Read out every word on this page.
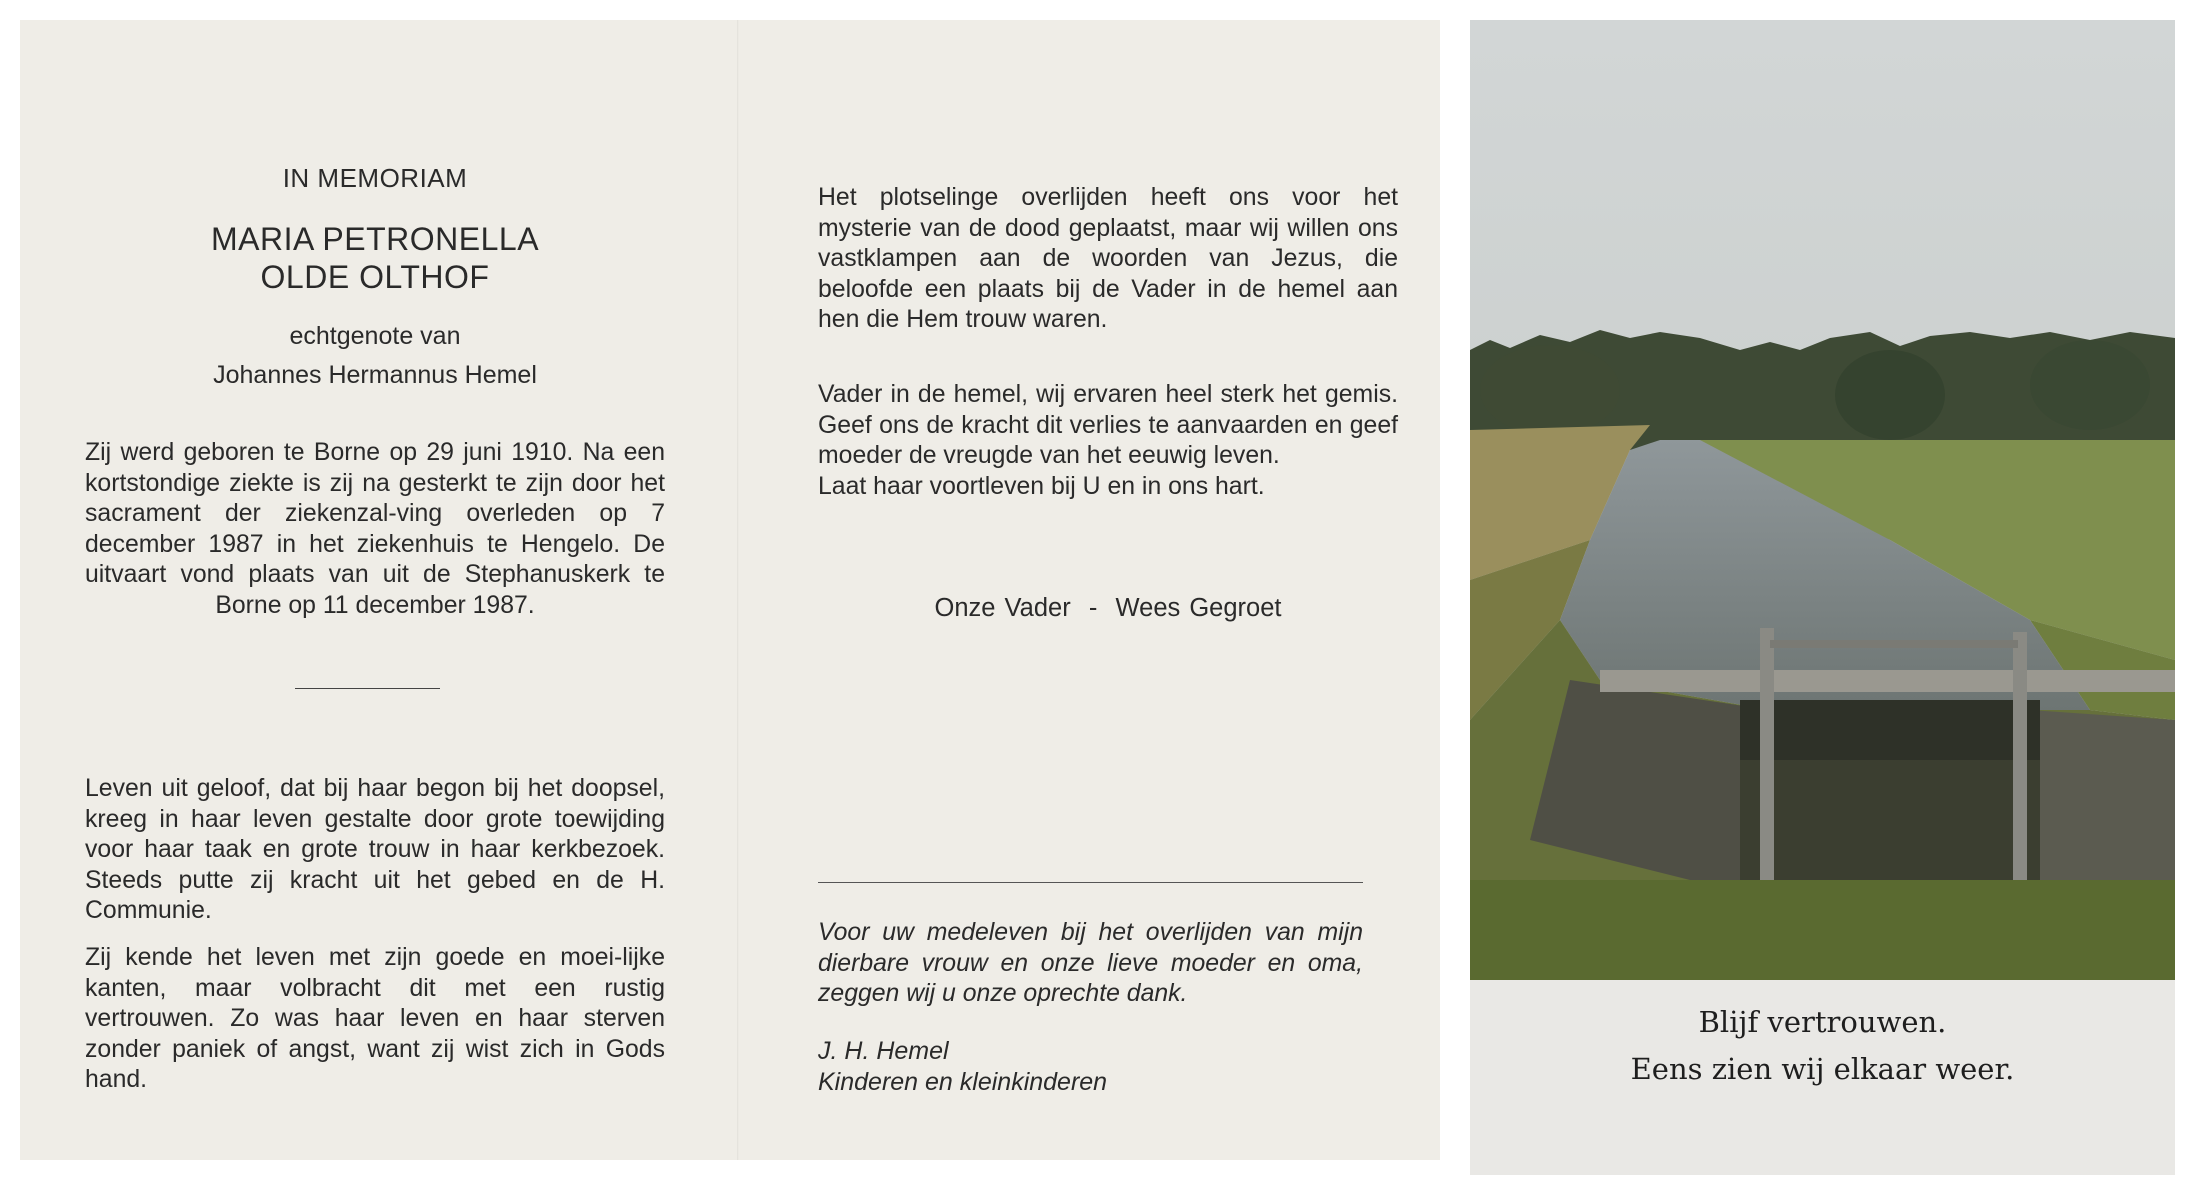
IN MEMORIAM
MARIA PETRONELLA
OLDE OLTHOF
echtgenote van
Johannes Hermannus Hemel

Zij werd geboren te Borne op 29 juni 1910. Na een kortstondige ziekte is zij na gesterkt te zijn door het sacrament der ziekenzal-ving overleden op 7 december 1987 in het ziekenhuis te Hengelo. De uitvaart vond plaats van uit de Stephanuskerk te Borne op 11 december 1987.

Leven uit geloof, dat bij haar begon bij het doopsel, kreeg in haar leven gestalte door grote toewijding voor haar taak en grote trouw in haar kerkbezoek. Steeds putte zij kracht uit het gebed en de H. Communie.

Zij kende het leven met zijn goede en moei-lijke kanten, maar volbracht dit met een rustig vertrouwen. Zo was haar leven en haar sterven zonder paniek of angst, want zij wist zich in Gods hand.

Het plotselinge overlijden heeft ons voor het mysterie van de dood geplaatst, maar wij willen ons vastklampen aan de woorden van Jezus, die beloofde een plaats bij de Vader in de hemel aan hen die Hem trouw waren.

Vader in de hemel, wij ervaren heel sterk het gemis. Geef ons de kracht dit verlies te aanvaarden en geef moeder de vreugde van het eeuwig leven.
Laat haar voortleven bij U en in ons hart.
Onze Vader  -  Wees Gegroet

Voor uw medeleven bij het overlijden van mijn dierbare vrouw en onze lieve moeder en oma, zeggen wij u onze oprechte dank.

J. H. Hemel
Kinderen en kleinkinderen
Blijf vertrouwen.
Eens zien wij elkaar weer.
